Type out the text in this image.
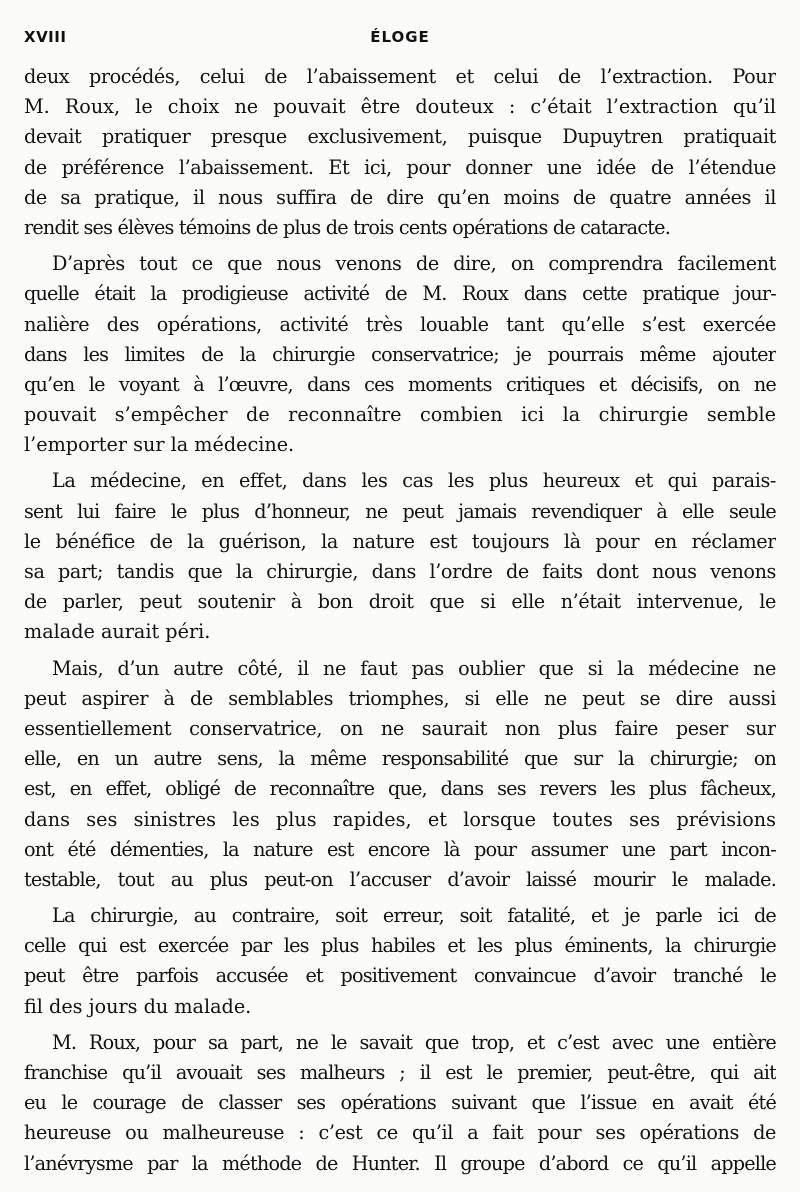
XVIII	ÉLOGE
deux procédés, celui de l’abaissement et celui de l’extraction. Pour
M. Roux, le choix ne pouvait être douteux : c’était l’extraction qu’il
devait pratiquer presque exclusivement, puisque Dupuytren pratiquait
de préférence l’abaissement. Et ici, pour donner une idée de l’étendue
de sa pratique, il nous suffira de dire qu’en moins de quatre années il
rendit ses élèves témoins de plus de trois cents opérations de cataracte.
D’après tout ce que nous venons de dire, on comprendra facilement
quelle était la prodigieuse activité de M. Roux dans cette pratique jour-
nalière des opérations, activité très louable tant qu’elle s’est exercée
dans les limites de la chirurgie conservatrice; je pourrais même ajouter
qu’en le voyant à l’œuvre, dans ces moments critiques et décisifs, on ne
pouvait s’empêcher de reconnaître combien ici la chirurgie semble
l’emporter sur la médecine.
La médecine, en effet, dans les cas les plus heureux et qui parais-
sent lui faire le plus d’honneur, ne peut jamais revendiquer à elle seule
le bénéfice de la guérison, la nature est toujours là pour en réclamer
sa part; tandis que la chirurgie, dans l’ordre de faits dont nous venons
de parler, peut soutenir à bon droit que si elle n’était intervenue, le
malade aurait péri.
Mais, d’un autre côté, il ne faut pas oublier que si la médecine ne
peut aspirer à de semblables triomphes, si elle ne peut se dire aussi
essentiellement conservatrice, on ne saurait non plus faire peser sur
elle, en un autre sens, la même responsabilité que sur la chirurgie; on
est, en effet, obligé de reconnaître que, dans ses revers les plus fâcheux,
dans ses sinistres les plus rapides, et lorsque toutes ses prévisions
ont été démenties, la nature est encore là pour assumer une part incon-
testable, tout au plus peut-on l’accuser d’avoir laissé mourir le malade.
La chirurgie, au contraire, soit erreur, soit fatalité, et je parle ici de
celle qui est exercée par les plus habiles et les plus éminents, la chirurgie
peut être parfois accusée et positivement convaincue d’avoir tranché le
fil des jours du malade.
M. Roux, pour sa part, ne le savait que trop, et c’est avec une entière
franchise qu’il avouait ses malheurs ; il est le premier, peut-être, qui ait
eu le courage de classer ses opérations suivant que l’issue en avait été
heureuse ou malheureuse : c’est ce qu’il a fait pour ses opérations de
l’anévrysme par la méthode de Hunter. Il groupe d’abord ce qu’il appelle
